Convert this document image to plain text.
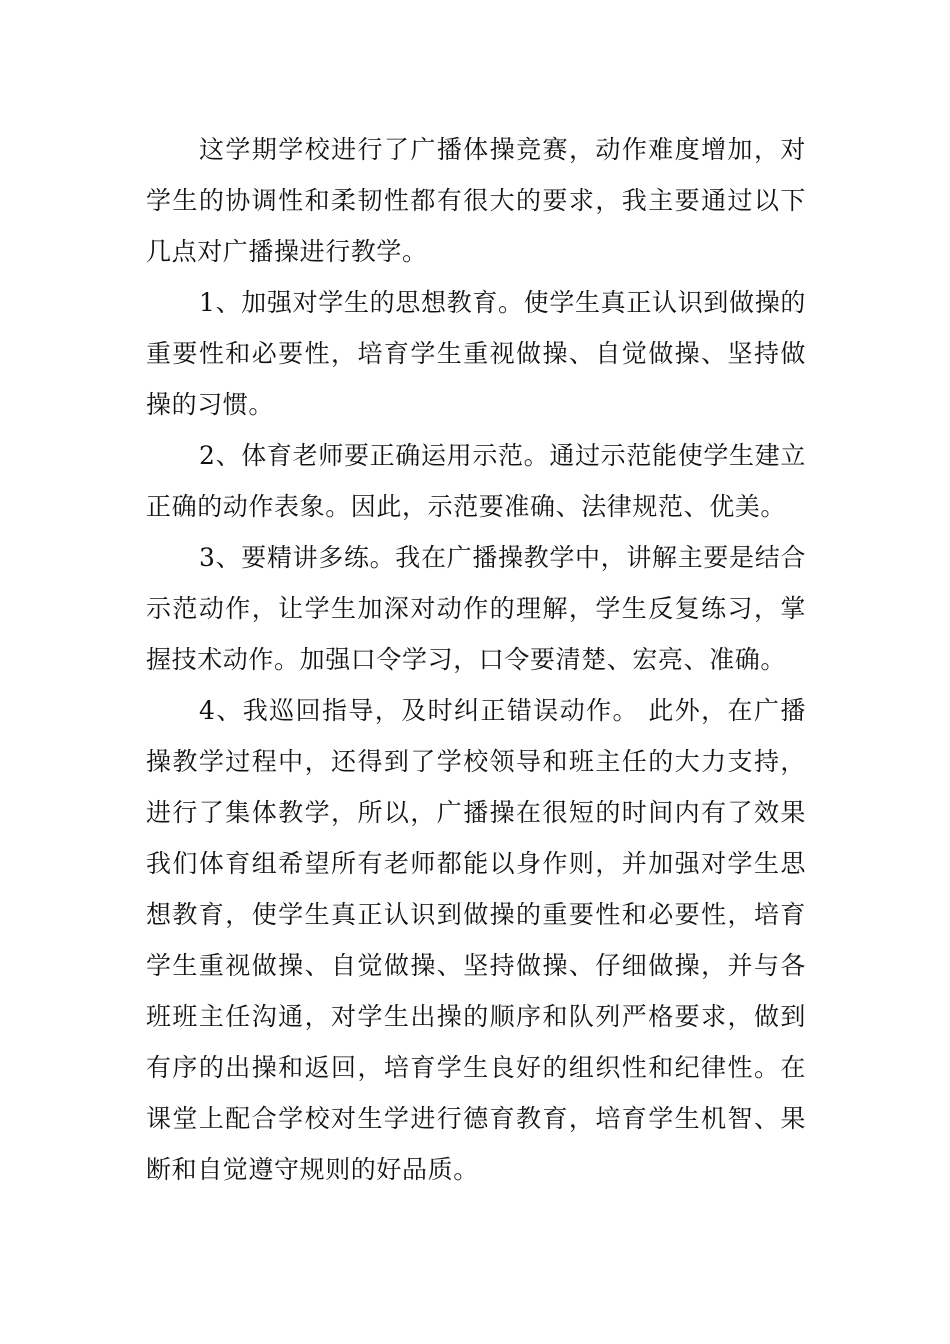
这学期学校进行了广播体操竞赛，动作难度增加，对学生的协调性和柔韧性都有很大的要求，我主要通过以下几点对广播操进行教学。

1、加强对学生的思想教育。使学生真正认识到做操的重要性和必要性，培育学生重视做操、自觉做操、坚持做操的习惯。

2、体育老师要正确运用示范。通过示范能使学生建立正确的动作表象。因此，示范要准确、法律规范、优美。

3、要精讲多练。我在广播操教学中，讲解主要是结合示范动作，让学生加深对动作的理解，学生反复练习，掌握技术动作。加强口令学习，口令要清楚、宏亮、准确。

4、我巡回指导，及时纠正错误动作。 此外，在广播操教学过程中，还得到了学校领导和班主任的大力支持，进行了集体教学，所以，广播操在很短的时间内有了效果我们体育组希望所有老师都能以身作则，并加强对学生思想教育，使学生真正认识到做操的重要性和必要性，培育学生重视做操、自觉做操、坚持做操、仔细做操，并与各班班主任沟通，对学生出操的顺序和队列严格要求，做到有序的出操和返回，培育学生良好的组织性和纪律性。在课堂上配合学校对生学进行德育教育，培育学生机智、果断和自觉遵守规则的好品质。
